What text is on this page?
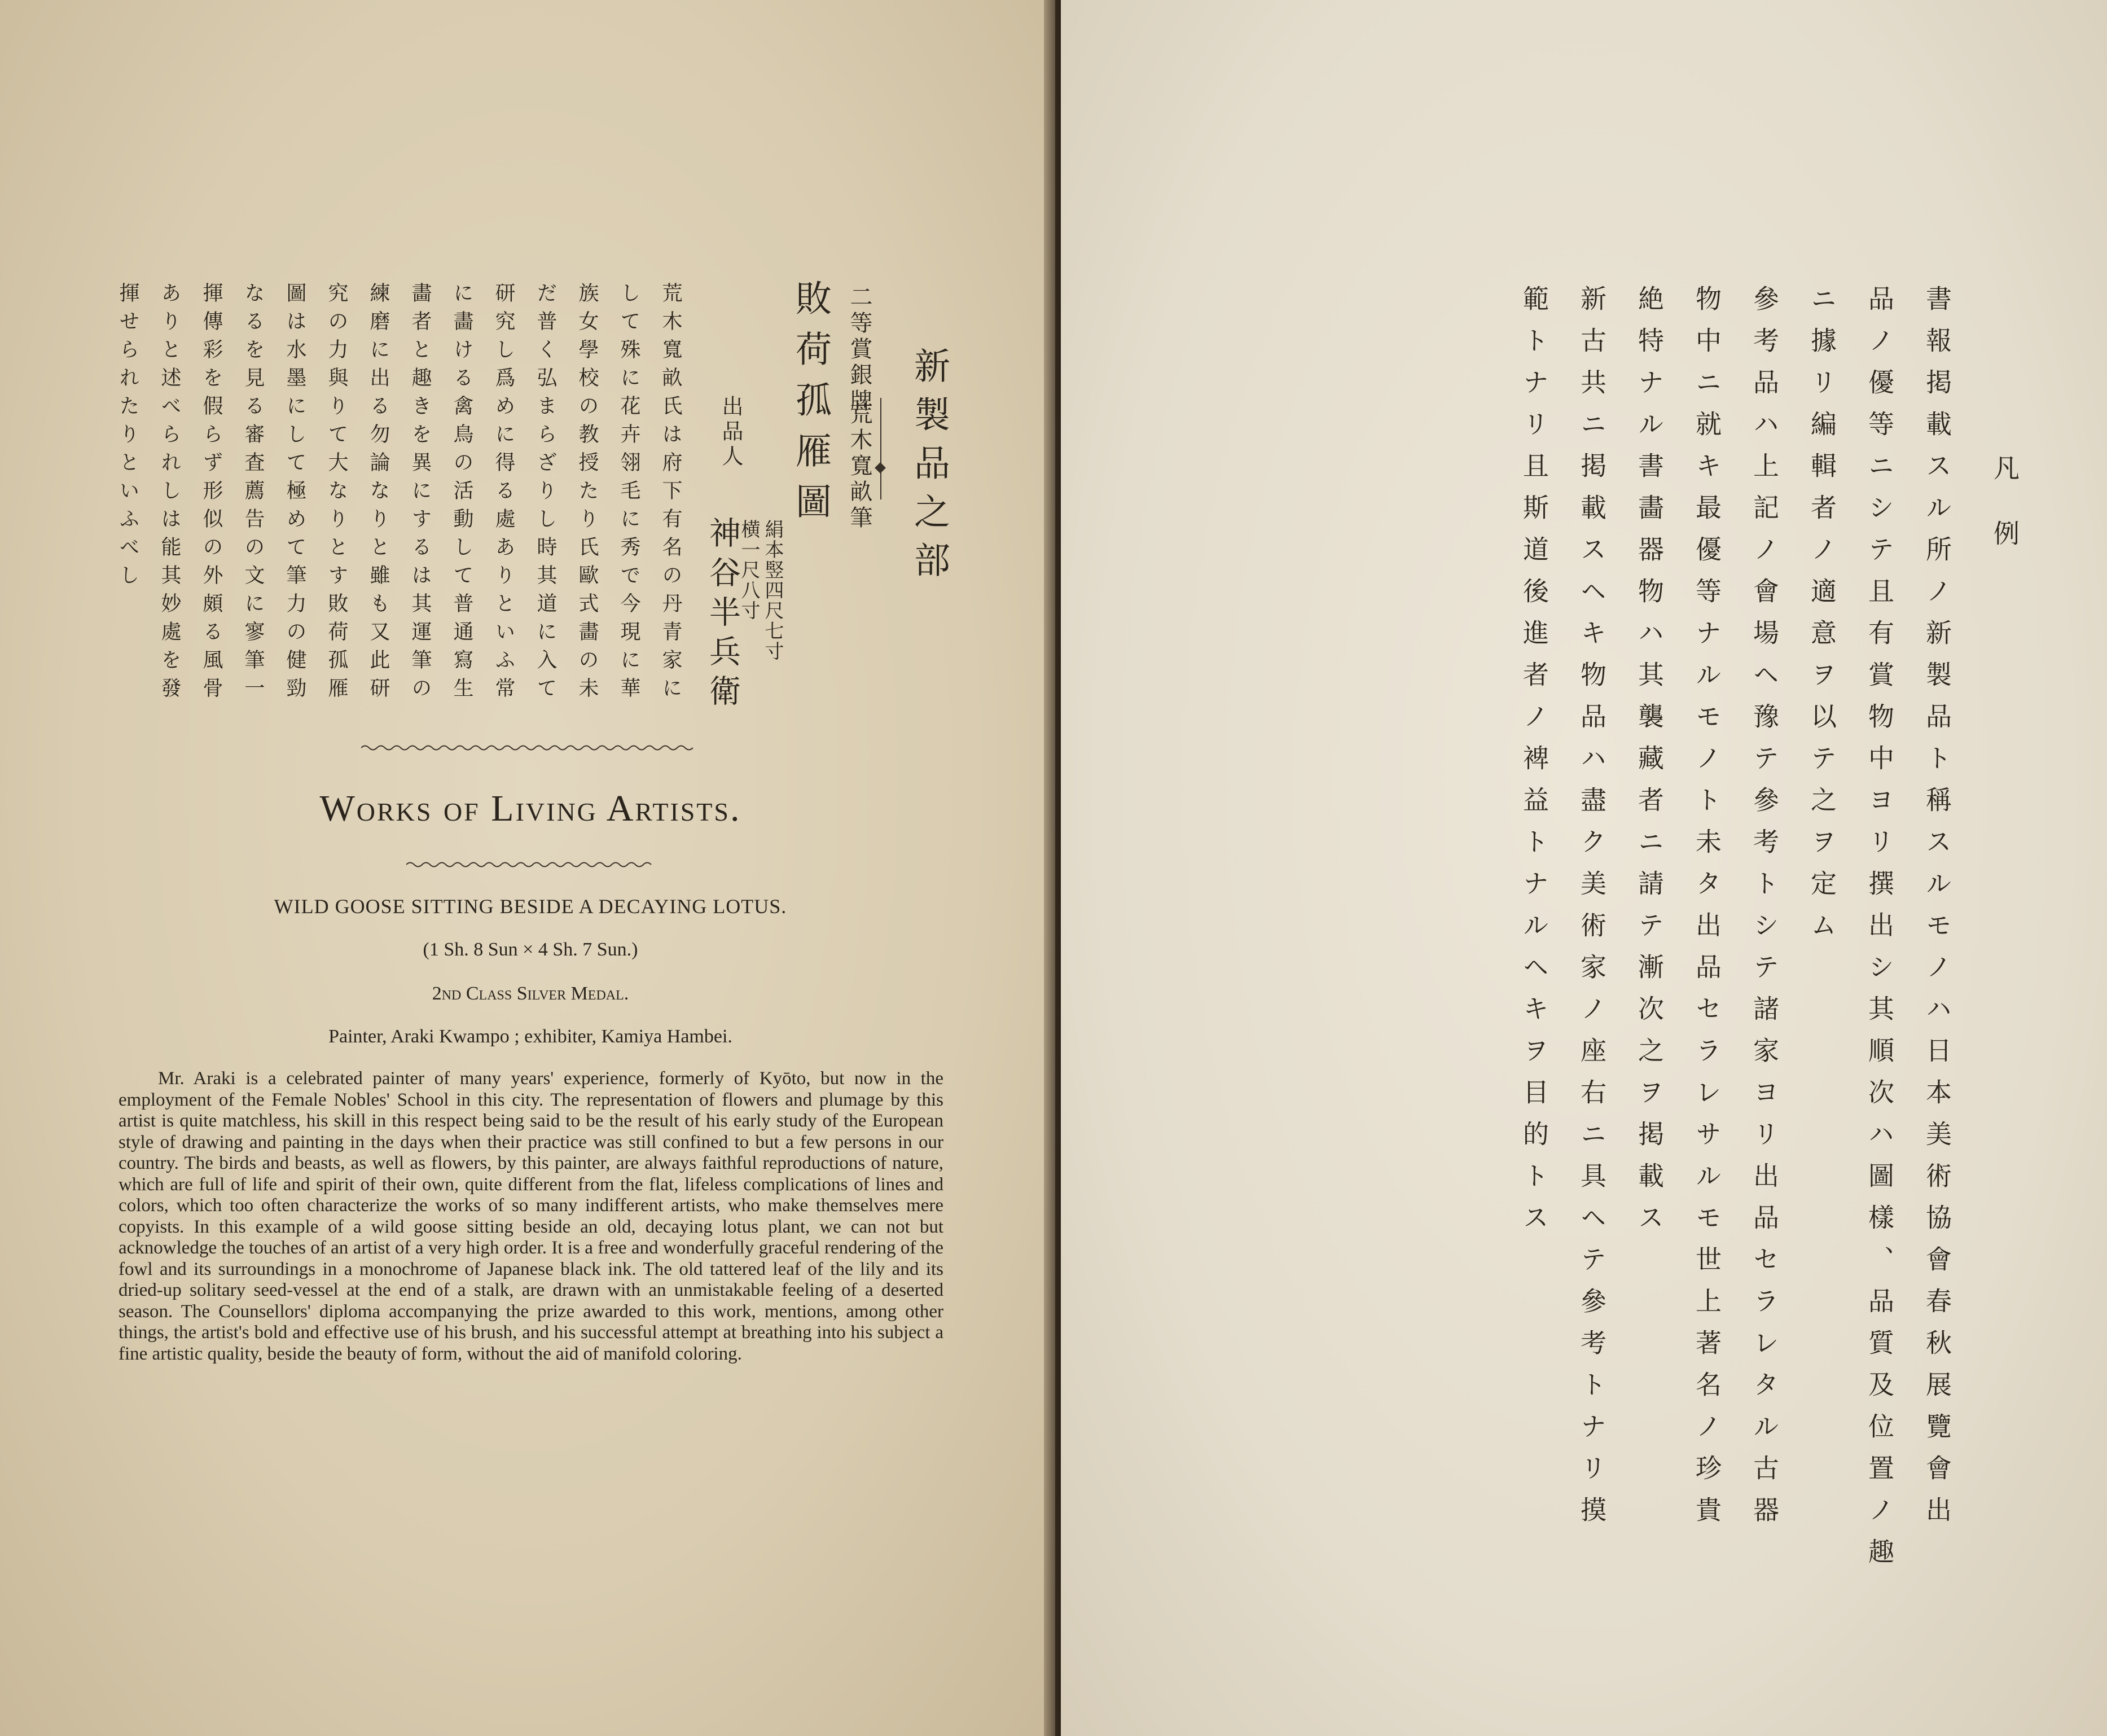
新製品之部
二等賞銀牌
荒木寬畝筆
敗荷孤雁圖
絹本竪四尺七寸
横一尺八寸
出品人
神谷半兵衛
荒木寬畝氏は府下有名の丹青家に
して殊に花卉翎毛に秀で今現に華
族女學校の教授たり氏歐式畵の未
だ普く弘まらざりし時其道に入て
研究し爲めに得る處ありといふ常
に畵ける禽鳥の活動して普通寫生
畵者と趣きを異にするは其運筆の
練磨に出る勿論なりと雖も又此研
究の力與りて大なりとす敗荷孤雁
圖は水墨にして極めて筆力の健勁
なるを見る審査薦告の文に寥筆一
揮傳彩を假らず形似の外頗る風骨
ありと述べられしは能其妙處を發
揮せられたりといふべし
Works of Living Artists.
WILD GOOSE SITTING BESIDE A DECAYING LOTUS.
(1 Sh. 8 Sun × 4 Sh. 7 Sun.)
2nd Class Silver Medal.
Painter, Araki Kwampo ; exhibiter, Kamiya Hambei.

Mr. Araki is a celebrated painter of many years' experience, formerly of Kyōto, but now in the employment of the Female Nobles' School in this city. The representation of flowers and plumage by this artist is quite matchless, his skill in this respect being said to be the result of his early study of the European style of drawing and painting in the days when their practice was still confined to but a few persons in our country. The birds and beasts, as well as flowers, by this painter, are always faithful reproductions of nature, which are full of life and spirit of their own, quite different from the flat, lifeless complications of lines and colors, which too often characterize the works of so many indifferent artists, who make themselves mere copyists. In this example of a wild goose sitting beside an old, decaying lotus plant, we can not but acknowledge the touches of an artist of a very high order. It is a free and wonderfully graceful rendering of the fowl and its surroundings in a monochrome of Japanese black ink. The old tattered leaf of the lily and its dried-up solitary seed-vessel at the end of a stalk, are drawn with an unmistakable feeling of a deserted season. The Counsellors' diploma accompanying the prize awarded to this work, mentions, among other things, the artist's bold and effective use of his brush, and his successful attempt at breathing into his subject a fine artistic quality, beside the beauty of form, without the aid of manifold coloring.

凡例
書報掲載スル所ノ新製品ト稱スルモノハ日本美術協會春秋展覽會出
品ノ優等ニシテ且有賞物中ヨリ撰出シ其順次ハ圖樣、品質及位置ノ趣
ニ據リ編輯者ノ適意ヲ以テ之ヲ定ム
參考品ハ上記ノ會場ヘ豫テ參考トシテ諸家ヨリ出品セラレタル古器
物中ニ就キ最優等ナルモノト未タ出品セラレサルモ世上著名ノ珍貴
絶特ナル書畵器物ハ其襲藏者ニ請テ漸次之ヲ掲載ス
新古共ニ掲載スヘキ物品ハ盡ク美術家ノ座右ニ具ヘテ參考トナリ摸
範トナリ且斯道後進者ノ裨益トナルヘキヲ目的トス
